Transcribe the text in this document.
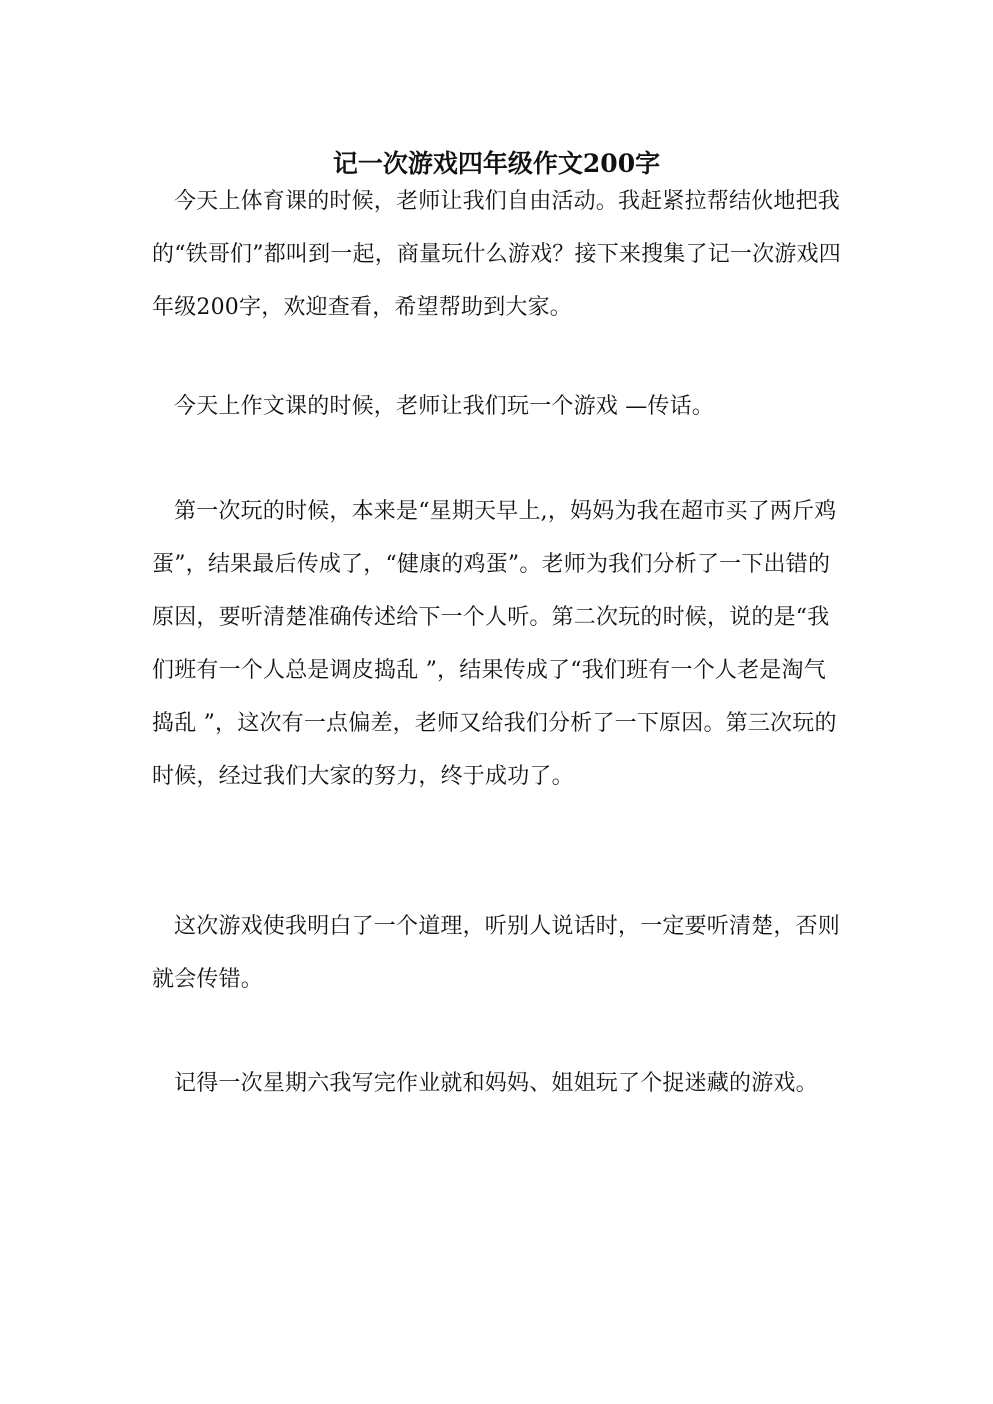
记一次游戏四年级作文200字

今天上体育课的时候，老师让我们自由活动。我赶紧拉帮结伙地把我的“铁哥们”都叫到一起，商量玩什么游戏？接下来搜集了记一次游戏四年级200字，欢迎查看，希望帮助到大家。

今天上作文课的时候，老师让我们玩一个游戏 —传话。

第一次玩的时候，本来是“星期天早上,，妈妈为我在超市买了两斤鸡蛋”，结果最后传成了，“健康的鸡蛋”。老师为我们分析了一下出错的原因，要听清楚准确传述给下一个人听。第二次玩的时候，说的是“我们班有一个人总是调皮捣乱 ”，结果传成了“我们班有一个人老是淘气捣乱 ”，这次有一点偏差，老师又给我们分析了一下原因。第三次玩的时候，经过我们大家的努力，终于成功了。

这次游戏使我明白了一个道理，听别人说话时，一定要听清楚，否则就会传错。

记得一次星期六我写完作业就和妈妈、姐姐玩了个捉迷藏的游戏。
